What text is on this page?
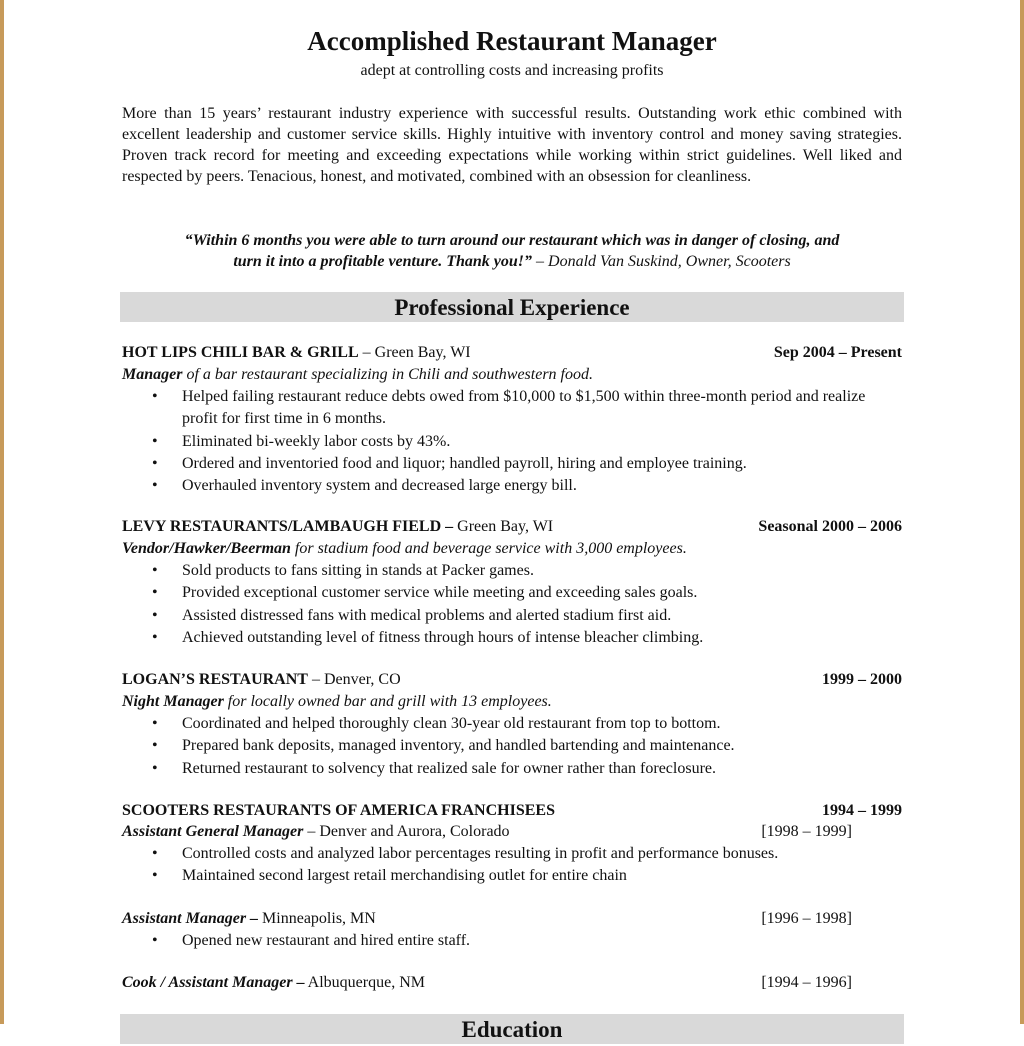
Accomplished Restaurant Manager
adept at controlling costs and increasing profits
More than 15 years’ restaurant industry experience with successful results. Outstanding work ethic combined with excellent leadership and customer service skills. Highly intuitive with inventory control and money saving strategies. Proven track record for meeting and exceeding expectations while working within strict guidelines. Well liked and respected by peers. Tenacious, honest, and motivated, combined with an obsession for cleanliness.
“Within 6 months you were able to turn around our restaurant which was in danger of closing, and
turn it into a profitable venture. Thank you!” – Donald Van Suskind, Owner, Scooters
Professional Experience
HOT LIPS CHILI BAR & GRILL – Green Bay, WI	Sep 2004 – Present
Manager of a bar restaurant specializing in Chili and southwestern food.
• Helped failing restaurant reduce debts owed from $10,000 to $1,500 within three-month period and realize profit for first time in 6 months.
• Eliminated bi-weekly labor costs by 43%.
• Ordered and inventoried food and liquor; handled payroll, hiring and employee training.
• Overhauled inventory system and decreased large energy bill.
LEVY RESTAURANTS/LAMBAUGH FIELD – Green Bay, WI	Seasonal 2000 – 2006
Vendor/Hawker/Beerman for stadium food and beverage service with 3,000 employees.
• Sold products to fans sitting in stands at Packer games.
• Provided exceptional customer service while meeting and exceeding sales goals.
• Assisted distressed fans with medical problems and alerted stadium first aid.
• Achieved outstanding level of fitness through hours of intense bleacher climbing.
LOGAN’S RESTAURANT – Denver, CO	1999 – 2000
Night Manager for locally owned bar and grill with 13 employees.
• Coordinated and helped thoroughly clean 30-year old restaurant from top to bottom.
• Prepared bank deposits, managed inventory, and handled bartending and maintenance.
• Returned restaurant to solvency that realized sale for owner rather than foreclosure.
SCOOTERS RESTAURANTS OF AMERICA FRANCHISEES	1994 – 1999
Assistant General Manager – Denver and Aurora, Colorado	[1998 – 1999]
• Controlled costs and analyzed labor percentages resulting in profit and performance bonuses.
• Maintained second largest retail merchandising outlet for entire chain
Assistant Manager – Minneapolis, MN	[1996 – 1998]
• Opened new restaurant and hired entire staff.
Cook / Assistant Manager – Albuquerque, NM	[1994 – 1996]
Education
